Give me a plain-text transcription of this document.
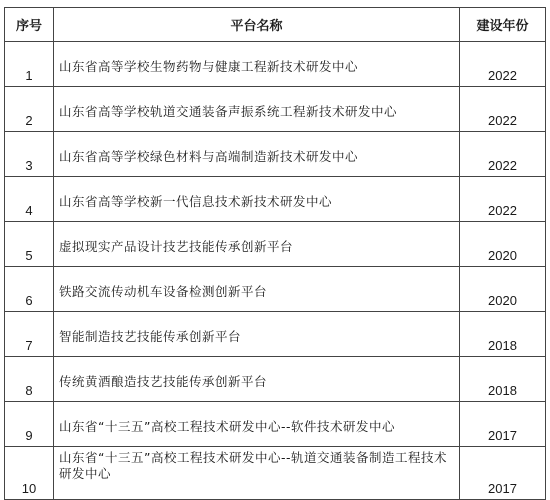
序号	平台名称	建设年份
1	山东省高等学校生物药物与健康工程新技术研发中心	2022
2	山东省高等学校轨道交通装备声振系统工程新技术研发中心	2022
3	山东省高等学校绿色材料与高端制造新技术研发中心	2022
4	山东省高等学校新一代信息技术新技术研发中心	2022
5	虚拟现实产品设计技艺技能传承创新平台	2020
6	铁路交流传动机车设备检测创新平台	2020
7	智能制造技艺技能传承创新平台	2018
8	传统黄酒酿造技艺技能传承创新平台	2018
9	山东省“十三五”高校工程技术研发中心--软件技术研发中心	2017
10	山东省“十三五”高校工程技术研发中心--轨道交通装备制造工程技术研发中心	2017
